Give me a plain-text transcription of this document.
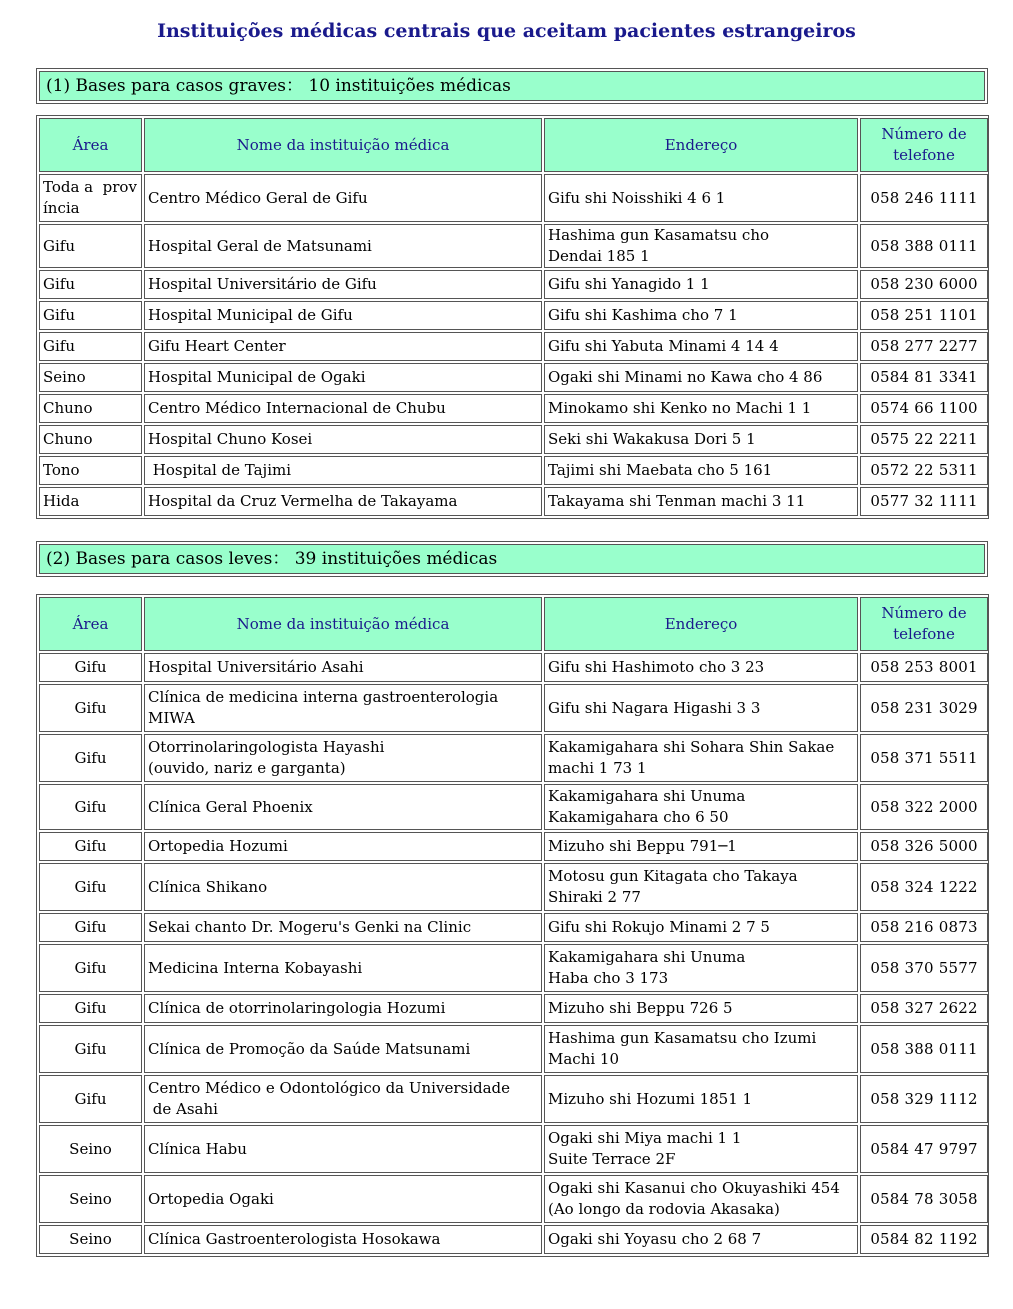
Instituições médicas centrais que aceitam pacientes estrangeiros
(1) Bases para casos graves： 10 instituições médicas
Área	Nome da instituição médica	Endereço	Número de
telefone
Toda a  prov
íncia	Centro Médico Geral de Gifu	Gifu shi Noisshiki 4 6 1	058 246 1111
Gifu	Hospital Geral de Matsunami	Hashima gun Kasamatsu cho
Dendai 185 1	058 388 0111
Gifu	Hospital Universitário de Gifu	Gifu shi Yanagido 1 1	058 230 6000
Gifu	Hospital Municipal de Gifu	Gifu shi Kashima cho 7 1	058 251 1101
Gifu	Gifu Heart Center	Gifu shi Yabuta Minami 4 14 4	058 277 2277
Seino	Hospital Municipal de Ogaki	Ogaki shi Minami no Kawa cho 4 86	0584 81 3341
Chuno	Centro Médico Internacional de Chubu	Minokamo shi Kenko no Machi 1 1	0574 66 1100
Chuno	Hospital Chuno Kosei	Seki shi Wakakusa Dori 5 1	0575 22 2211
Tono	Hospital de Tajimi	Tajimi shi Maebata cho 5 161	0572 22 5311
Hida	Hospital da Cruz Vermelha de Takayama	Takayama shi Tenman machi 3 11	0577 32 1111
(2) Bases para casos leves： 39 instituições médicas
Área	Nome da instituição médica	Endereço	Número de
telefone
Gifu	Hospital Universitário Asahi	Gifu shi Hashimoto cho 3 23	058 253 8001
Gifu	Clínica de medicina interna gastroenterologia
MIWA	Gifu shi Nagara Higashi 3 3	058 231 3029
Gifu	Otorrinolaringologista Hayashi
(ouvido, nariz e garganta)	Kakamigahara shi Sohara Shin Sakae
machi 1 73 1	058 371 5511
Gifu	Clínica Geral Phoenix	Kakamigahara shi Unuma
Kakamigahara cho 6 50	058 322 2000
Gifu	Ortopedia Hozumi	Mizuho shi Beppu 791─1	058 326 5000
Gifu	Clínica Shikano	Motosu gun Kitagata cho Takaya
Shiraki 2 77	058 324 1222
Gifu	Sekai chanto Dr. Mogeru's Genki na Clinic	Gifu shi Rokujo Minami 2 7 5	058 216 0873
Gifu	Medicina Interna Kobayashi	Kakamigahara shi Unuma
Haba cho 3 173	058 370 5577
Gifu	Clínica de otorrinolaringologia Hozumi	Mizuho shi Beppu 726 5	058 327 2622
Gifu	Clínica de Promoção da Saúde Matsunami	Hashima gun Kasamatsu cho Izumi
Machi 10	058 388 0111
Gifu	Centro Médico e Odontológico da Universidade
de Asahi	Mizuho shi Hozumi 1851 1	058 329 1112
Seino	Clínica Habu	Ogaki shi Miya machi 1 1
Suite Terrace 2F	0584 47 9797
Seino	Ortopedia Ogaki	Ogaki shi Kasanui cho Okuyashiki 454
(Ao longo da rodovia Akasaka)	0584 78 3058
Seino	Clínica Gastroenterologista Hosokawa	Ogaki shi Yoyasu cho 2 68 7	0584 82 1192
